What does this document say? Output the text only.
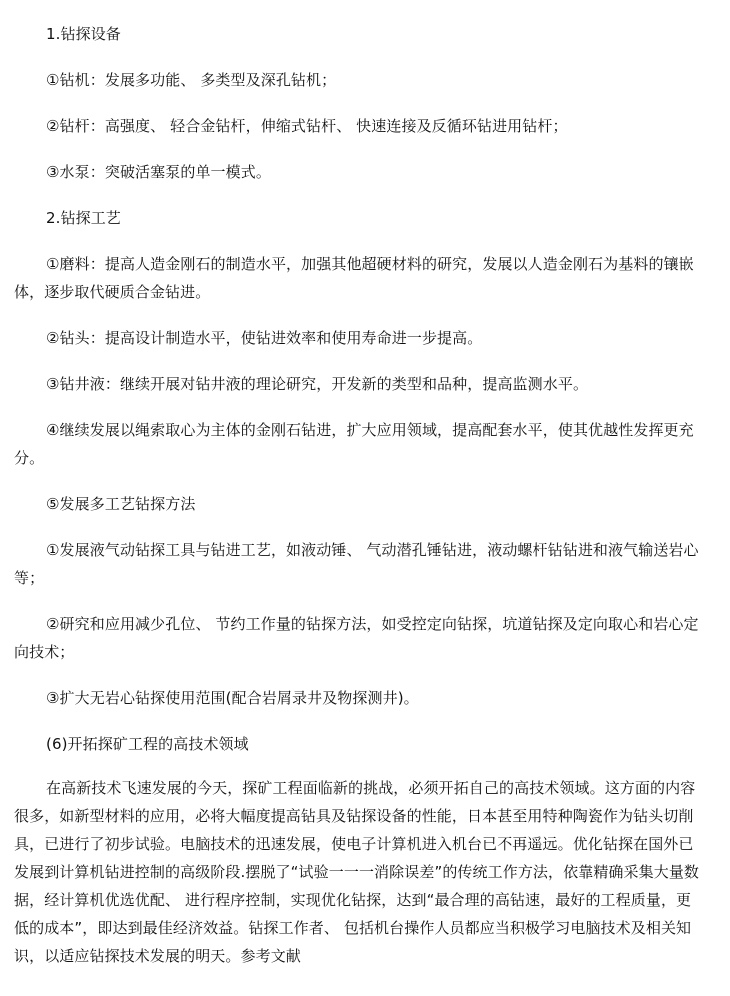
1.钻探设备

①钻机：发展多功能、 多类型及深孔钻机；

②钻杆：高强度、 轻合金钻杆，伸缩式钻杆、 快速连接及反循环钻进用钻杆；

③水泵：突破活塞泵的单一模式。

2.钻探工艺

①磨料：提高人造金刚石的制造水平，加强其他超硬材料的研究，发展以人造金刚石为基料的镶嵌体，逐步取代硬质合金钻进。

②钻头：提高设计制造水平，使钻进效率和使用寿命进一步提高。

③钻井液：继续开展对钻井液的理论研究，开发新的类型和品种，提高监测水平。

④继续发展以绳索取心为主体的金刚石钻进，扩大应用领域，提高配套水平，使其优越性发挥更充分。

⑤发展多工艺钻探方法

①发展液气动钻探工具与钻进工艺，如液动锤、 气动潜孔锤钻进，液动螺杆钻钻进和液气输送岩心等；

②研究和应用减少孔位、 节约工作量的钻探方法，如受控定向钻探，坑道钻探及定向取心和岩心定向技术；

③扩大无岩心钻探使用范围(配合岩屑录井及物探测井)。

(6)开拓探矿工程的高技术领域

在高新技术飞速发展的今天，探矿工程面临新的挑战，必须开拓自己的高技术领域。这方面的内容很多，如新型材料的应用，必将大幅度提高钻具及钻探设备的性能，日本甚至用特种陶瓷作为钻头切削具，已进行了初步试验。电脑技术的迅速发展，使电子计算机进入机台已不再遥远。优化钻探在国外已发展到计算机钻进控制的高级阶段.摆脱了“试验一一一消除误差”的传统工作方法，依靠精确采集大量数据，经计算机优选优配、 进行程序控制，实现优化钻探，达到“最合理的高钻速，最好的工程质量，更低的成本”，即达到最佳经济效益。钻探工作者、 包括机台操作人员都应当积极学习电脑技术及相关知识，以适应钻探技术发展的明天。参考文献
